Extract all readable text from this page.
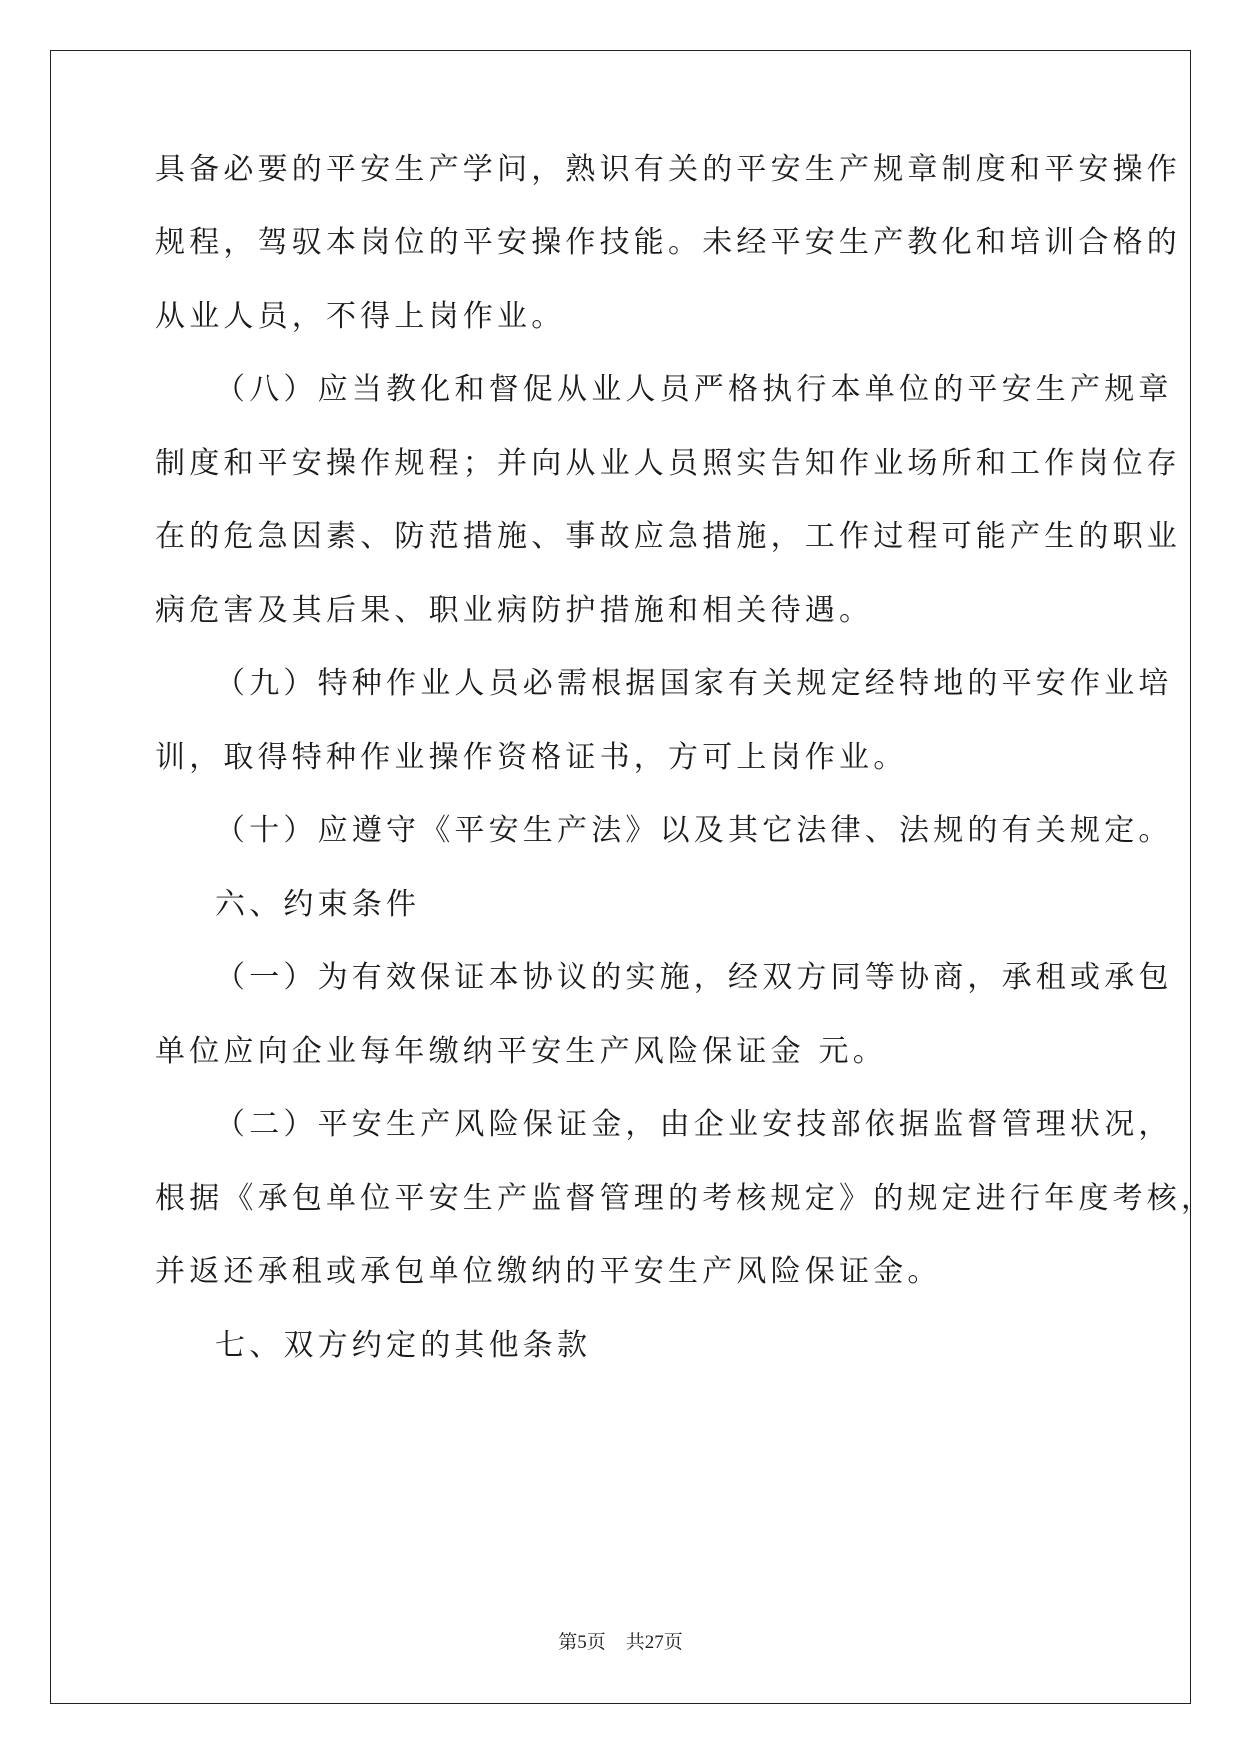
具备必要的平安生产学问，熟识有关的平安生产规章制度和平安操作
规程，驾驭本岗位的平安操作技能。未经平安生产教化和培训合格的
从业人员，不得上岗作业。
（八）应当教化和督促从业人员严格执行本单位的平安生产规章
制度和平安操作规程；并向从业人员照实告知作业场所和工作岗位存
在的危急因素、防范措施、事故应急措施，工作过程可能产生的职业
病危害及其后果、职业病防护措施和相关待遇。
（九）特种作业人员必需根据国家有关规定经特地的平安作业培
训，取得特种作业操作资格证书，方可上岗作业。
（十）应遵守《平安生产法》以及其它法律、法规的有关规定。
六、约束条件
（一）为有效保证本协议的实施，经双方同等协商，承租或承包
单位应向企业每年缴纳平安生产风险保证金 元。
（二）平安生产风险保证金，由企业安技部依据监督管理状况，
根据《承包单位平安生产监督管理的考核规定》的规定进行年度考核，
并返还承租或承包单位缴纳的平安生产风险保证金。
七、双方约定的其他条款
第5页 共27页
